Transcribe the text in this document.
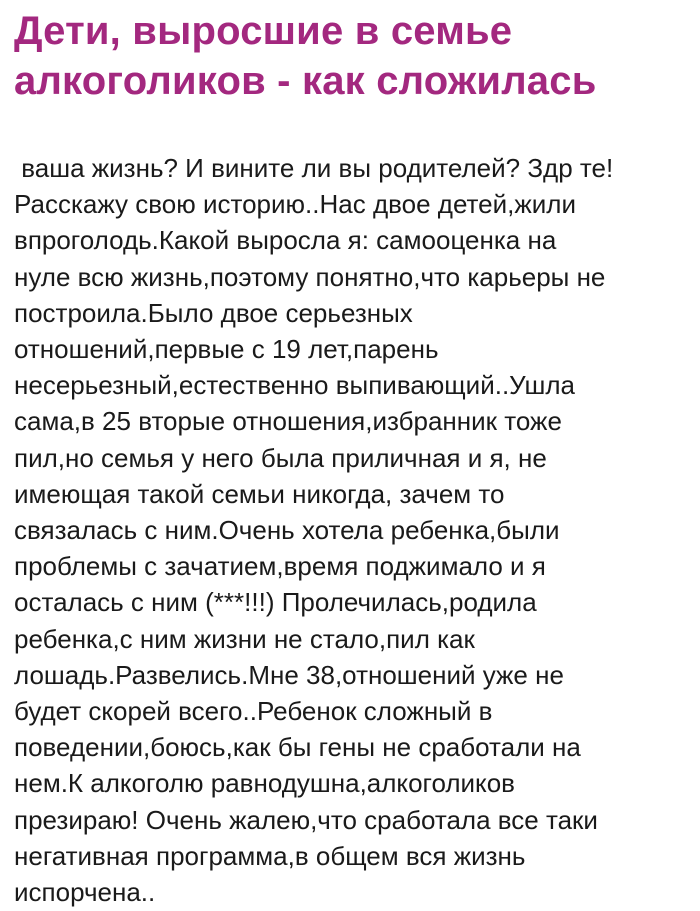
Дети, выросшие в семье
алкоголиков - как сложилась
ваша жизнь? И вините ли вы родителей? Здр те!
Расскажу свою историю..Нас двое детей,жили
впроголодь.Какой выросла я: самооценка на
нуле всю жизнь,поэтому понятно,что карьеры не
построила.Было двое серьезных
отношений,первые с 19 лет,парень
несерьезный,естественно выпивающий..Ушла
сама,в 25 вторые отношения,избранник тоже
пил,но семья у него была приличная и я, не
имеющая такой семьи никогда, зачем то
связалась с ним.Очень хотела ребенка,были
проблемы с зачатием,время поджимало и я
осталась с ним (***!!!) Пролечилась,родила
ребенка,с ним жизни не стало,пил как
лошадь.Развелись.Мне 38,отношений уже не
будет скорей всего..Ребенок сложный в
поведении,боюсь,как бы гены не сработали на
нем.К алкоголю равнодушна,алкоголиков
презираю! Очень жалею,что сработала все таки
негативная программа,в общем вся жизнь
испорчена..
